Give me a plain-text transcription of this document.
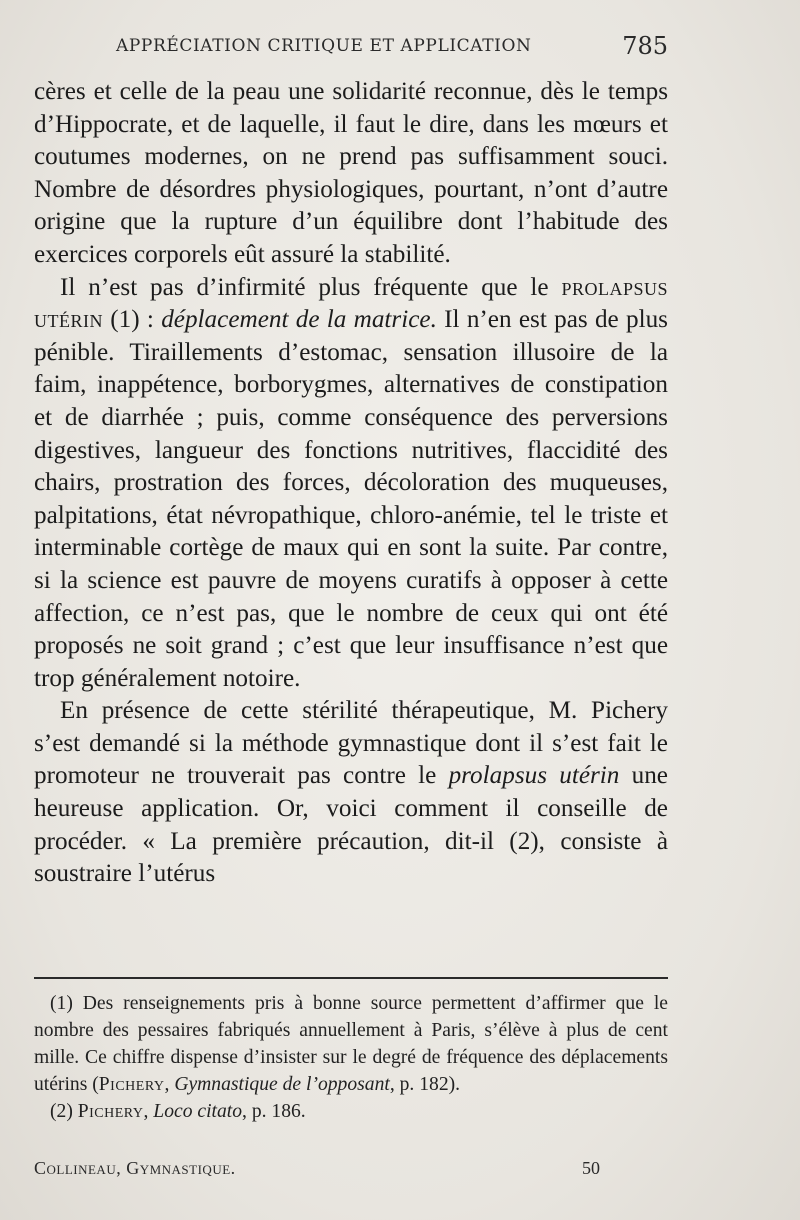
APPRÉCIATION CRITIQUE ET APPLICATION	785

cères et celle de la peau une solidarité reconnue, dès le temps d’Hippocrate, et de laquelle, il faut le dire, dans les mœurs et coutumes modernes, on ne prend pas suffisamment souci. Nombre de désordres physiologiques, pourtant, n’ont d’autre origine que la rupture d’un équilibre dont l’habitude des exercices corporels eût assuré la stabilité.

Il n’est pas d’infirmité plus fréquente que le prolapsus utérin (1) : déplacement de la matrice. Il n’en est pas de plus pénible. Tiraillements d’estomac, sensation illusoire de la faim, inappétence, borborygmes, alternatives de constipation et de diarrhée ; puis, comme conséquence des perversions digestives, langueur des fonctions nutritives, flaccidité des chairs, prostration des forces, décoloration des muqueuses, palpitations, état névropathique, chloro-anémie, tel le triste et interminable cortège de maux qui en sont la suite. Par contre, si la science est pauvre de moyens curatifs à opposer à cette affection, ce n’est pas, que le nombre de ceux qui ont été proposés ne soit grand ; c’est que leur insuffisance n’est que trop généralement notoire.

En présence de cette stérilité thérapeutique, M. Pichery s’est demandé si la méthode gymnastique dont il s’est fait le promoteur ne trouverait pas contre le prolapsus utérin une heureuse application. Or, voici comment il conseille de procéder. « La première précaution, dit-il (2), consiste à soustraire l’utérus

(1) Des renseignements pris à bonne source permettent d’affirmer que le nombre des pessaires fabriqués annuellement à Paris, s’élève à plus de cent mille. Ce chiffre dispense d’insister sur le degré de fréquence des déplacements utérins (Pichery, Gymnastique de l’opposant, p. 182).

(2) Pichery, Loco citato, p. 186.

Collineau, Gymnastique.	50
